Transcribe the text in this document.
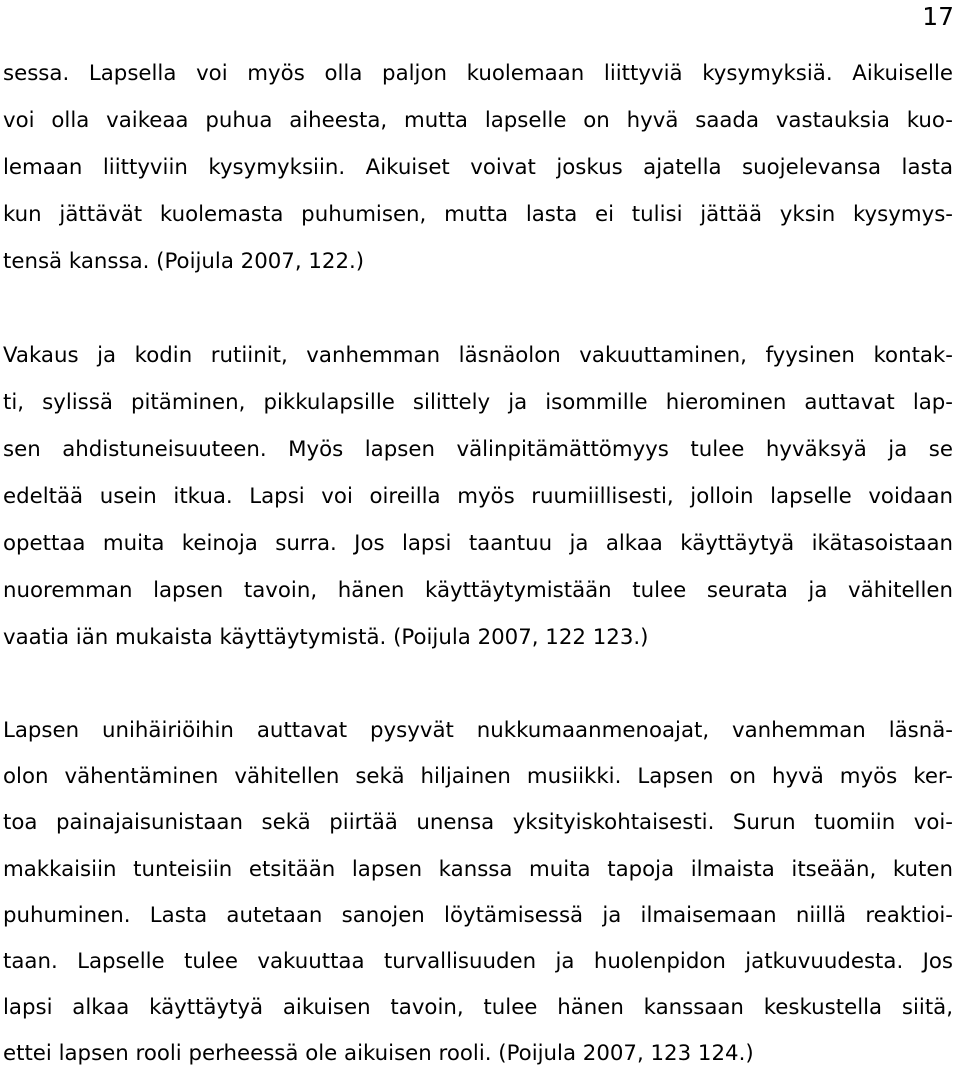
17
sessa. Lapsella voi myös olla paljon kuolemaan liittyviä kysymyksiä. Aikuiselle
voi olla vaikeaa puhua aiheesta, mutta lapselle on hyvä saada vastauksia kuo-
lemaan liittyviin kysymyksiin. Aikuiset voivat joskus ajatella suojelevansa lasta
kun jättävät kuolemasta puhumisen, mutta lasta ei tulisi jättää yksin kysymys-
tensä kanssa. (Poijula 2007, 122.)
Vakaus ja kodin rutiinit, vanhemman läsnäolon vakuuttaminen, fyysinen kontak-
ti, sylissä pitäminen, pikkulapsille silittely ja isommille hierominen auttavat lap-
sen ahdistuneisuuteen. Myös lapsen välinpitämättömyys tulee hyväksyä ja se
edeltää usein itkua. Lapsi voi oireilla myös ruumiillisesti, jolloin lapselle voidaan
opettaa muita keinoja surra. Jos lapsi taantuu ja alkaa käyttäytyä ikätasoistaan
nuoremman lapsen tavoin, hänen käyttäytymistään tulee seurata ja vähitellen
vaatia iän mukaista käyttäytymistä. (Poijula 2007, 122 123.)
Lapsen unihäiriöihin auttavat pysyvät nukkumaanmenoajat, vanhemman läsnä-
olon vähentäminen vähitellen sekä hiljainen musiikki. Lapsen on hyvä myös ker-
toa painajaisunistaan sekä piirtää unensa yksityiskohtaisesti. Surun tuomiin voi-
makkaisiin tunteisiin etsitään lapsen kanssa muita tapoja ilmaista itseään, kuten
puhuminen. Lasta autetaan sanojen löytämisessä ja ilmaisemaan niillä reaktioi-
taan. Lapselle tulee vakuuttaa turvallisuuden ja huolenpidon jatkuvuudesta. Jos
lapsi alkaa käyttäytyä aikuisen tavoin, tulee hänen kanssaan keskustella siitä,
ettei lapsen rooli perheessä ole aikuisen rooli. (Poijula 2007, 123 124.)
